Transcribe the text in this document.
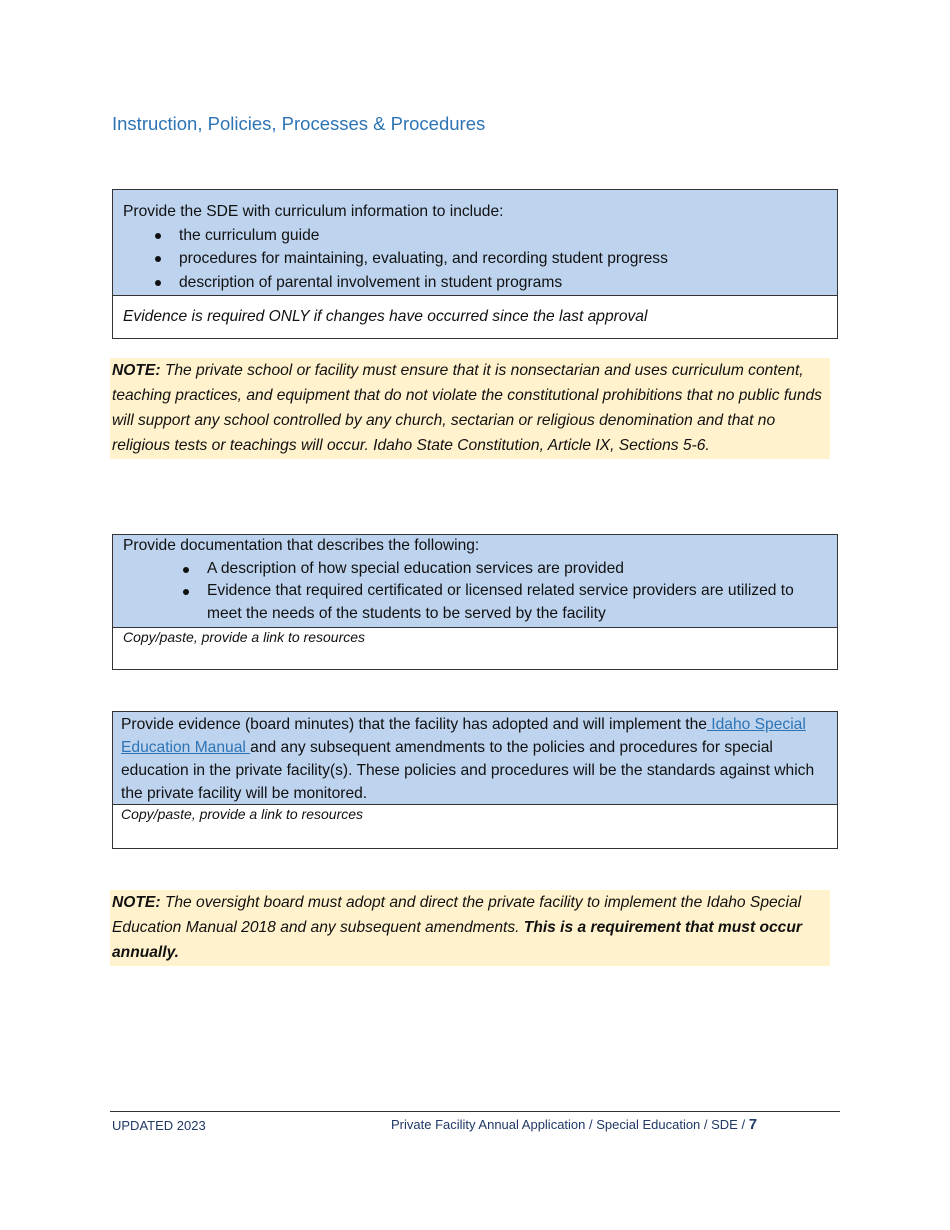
Instruction, Policies, Processes & Procedures
Provide the SDE with curriculum information to include:
the curriculum guide
procedures for maintaining, evaluating, and recording student progress
description of parental involvement in student programs
Evidence is required ONLY if changes have occurred since the last approval
NOTE: The private school or facility must ensure that it is nonsectarian and uses curriculum content, teaching practices, and equipment that do not violate the constitutional prohibitions that no public funds will support any school controlled by any church, sectarian or religious denomination and that no religious tests or teachings will occur. Idaho State Constitution, Article IX, Sections 5-6.
Provide documentation that describes the following:
A description of how special education services are provided
Evidence that required certificated or licensed related service providers are utilized to meet the needs of the students to be served by the facility
Copy/paste, provide a link to resources
Provide evidence (board minutes) that the facility has adopted and will implement the Idaho Special Education Manual and any subsequent amendments to the policies and procedures for special education in the private facility(s). These policies and procedures will be the standards against which the private facility will be monitored.
Copy/paste, provide a link to resources
NOTE: The oversight board must adopt and direct the private facility to implement the Idaho Special Education Manual 2018 and any subsequent amendments. This is a requirement that must occur annually.
UPDATED 2023	Private Facility Annual Application / Special Education / SDE / 7
